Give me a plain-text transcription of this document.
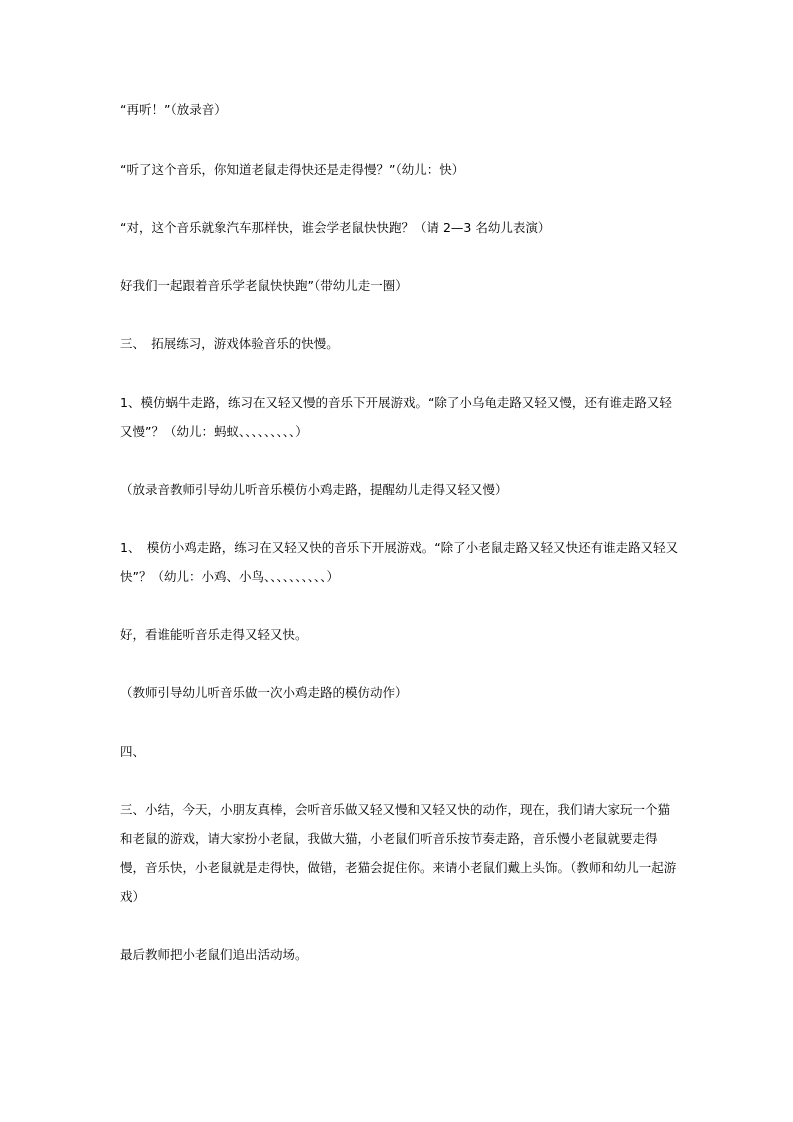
“再听！”（放录音）
“听了这个音乐，你知道老鼠走得快还是走得慢？”（幼儿：快）
“对，这个音乐就象汽车那样快，谁会学老鼠快快跑？（请 2—3 名幼儿表演）
好我们一起跟着音乐学老鼠快快跑”（带幼儿走一圈）
三、　拓展练习，游戏体验音乐的快慢。
1、模仿蜗牛走路，练习在又轻又慢的音乐下开展游戏。“除了小乌龟走路又轻又慢，还有谁走路又轻又慢”？（幼儿：蚂蚁、、、、、、、、、）
（放录音教师引导幼儿听音乐模仿小鸡走路，提醒幼儿走得又轻又慢）
1、　模仿小鸡走路，练习在又轻又快的音乐下开展游戏。“除了小老鼠走路又轻又快还有谁走路又轻又快”？（幼儿：小鸡、小鸟、、、、、、、、、、）
好，看谁能听音乐走得又轻又快。
（教师引导幼儿听音乐做一次小鸡走路的模仿动作）
四、
三、小结，今天，小朋友真棒，会听音乐做又轻又慢和又轻又快的动作，现在，我们请大家玩一个猫和老鼠的游戏，请大家扮小老鼠，我做大猫，小老鼠们听音乐按节奏走路，音乐慢小老鼠就要走得慢，音乐快，小老鼠就是走得快，做错，老猫会捉住你。来请小老鼠们戴上头饰。（教师和幼儿一起游戏）
最后教师把小老鼠们追出活动场。
